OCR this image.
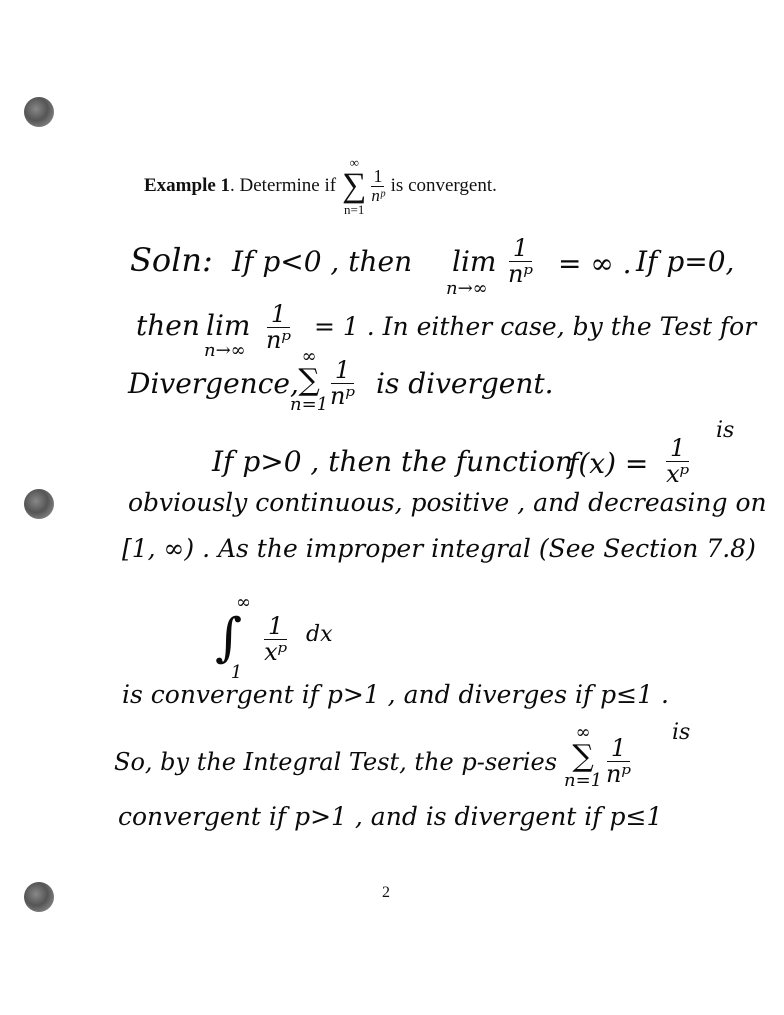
Example 1 . Determine if
∞
∑
n=1
$\frac{1}{\text{nᵖ}}$ is convergent.
Soln: If p<0 , then lim
n→∞
$\frac{1}{\text{nᵖ}}$ = ∞ . If p=0,
then lim
$n\to\infty \frac{1}{\text{nᵖ}} = 1$ . In either case, by the Test for
Divergence,
∞
∑
$n=1 \frac{1}{\text{nᵖ}}$ is divergent.
If p>0 , then the function
$f(x) = \frac{1}{\text{xᵖ}}$
is
obviously continuous, positive , and decreasing on
[1, ∞) . As the improper integral (See Section 7.8)
∞
∫
1
$\frac{1}{\text{xᵖ}}$ dx
is convergent if p>1 , and diverges if p≤1 .
So, by the Integral Test, the p-series
∞
∑
$n=1 \frac{1}{\text{nᵖ}}$
is
convergent if p>1 , and is divergent if p≤1
2
